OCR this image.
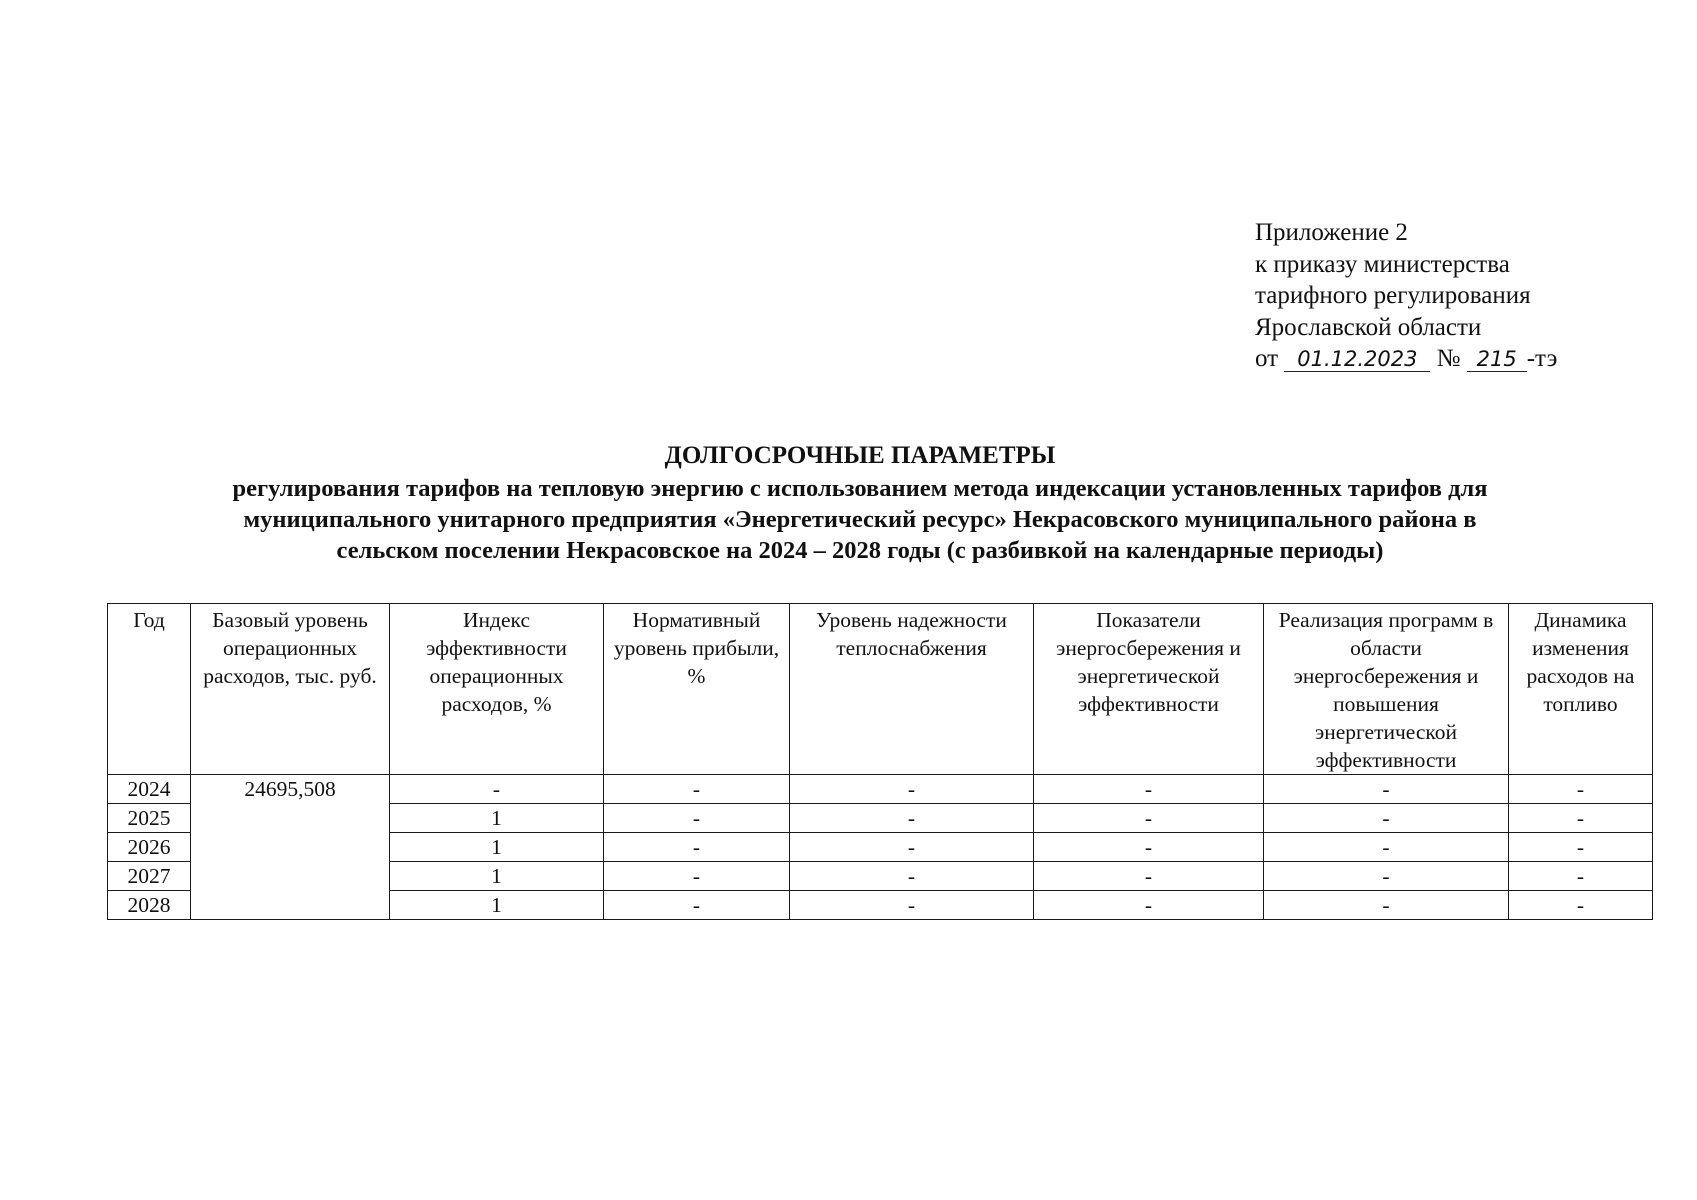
Приложение 2
к приказу министерства
тарифного регулирования
Ярославской области
от 01.12.2023 № 215 -тэ
ДОЛГОСРОЧНЫЕ ПАРАМЕТРЫ
регулирования тарифов на тепловую энергию с использованием метода индексации установленных тарифов для
муниципального унитарного предприятия «Энергетический ресурс» Некрасовского муниципального района в
сельском поселении Некрасовское на 2024 – 2028 годы (с разбивкой на календарные периоды)
Год	Базовый уровень операционных расходов, тыс. руб.	Индекс эффективности операционных расходов, %	Нормативный уровень прибыли, %	Уровень надежности теплоснабжения	Показатели энергосбережения и энергетической эффективности	Реализация программ в области энергосбережения и повышения энергетической эффективности	Динамика изменения расходов на топливо
2024	24695,508	-	-	-	-	-	-
2025		1	-	-	-	-	-
2026		1	-	-	-	-	-
2027		1	-	-	-	-	-
2028		1	-	-	-	-	-
